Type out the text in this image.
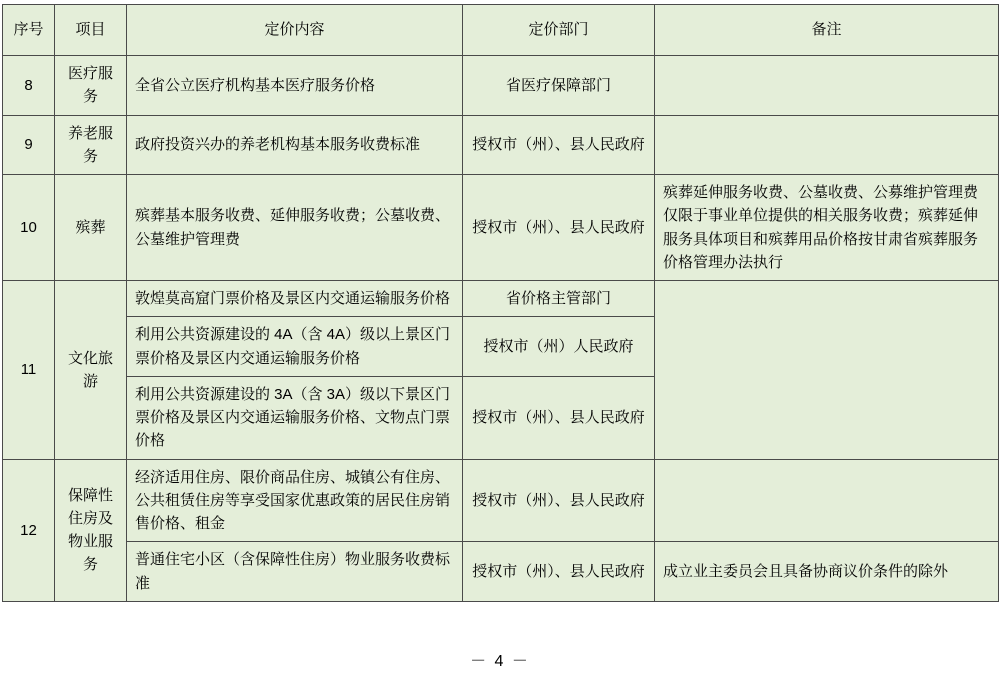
序号	项目	定价内容	定价部门	备注
8	医疗服务	全省公立医疗机构基本医疗服务价格	省医疗保障部门	
9	养老服务	政府投资兴办的养老机构基本服务收费标准	授权市（州）、县人民政府	
10	殡葬	殡葬基本服务收费、延伸服务收费；公墓收费、公墓维护管理费	授权市（州）、县人民政府	殡葬延伸服务收费、公墓收费、公募维护管理费仅限于事业单位提供的相关服务收费；殡葬延伸服务具体项目和殡葬用品价格按甘肃省殡葬服务价格管理办法执行
11	文化旅游	敦煌莫高窟门票价格及景区内交通运输服务价格	省价格主管部门	
		利用公共资源建设的 4A（含 4A）级以上景区门票价格及景区内交通运输服务价格	授权市（州）人民政府	
		利用公共资源建设的 3A（含 3A）级以下景区门票价格及景区内交通运输服务价格、文物点门票价格	授权市（州）、县人民政府	
12	保障性住房及物业服务	经济适用住房、限价商品住房、城镇公有住房、公共租赁住房等享受国家优惠政策的居民住房销售价格、租金	授权市（州）、县人民政府	
		普通住宅小区（含保障性住房）物业服务收费标准	授权市（州）、县人民政府	成立业主委员会且具备协商议价条件的除外
－ 4 －
